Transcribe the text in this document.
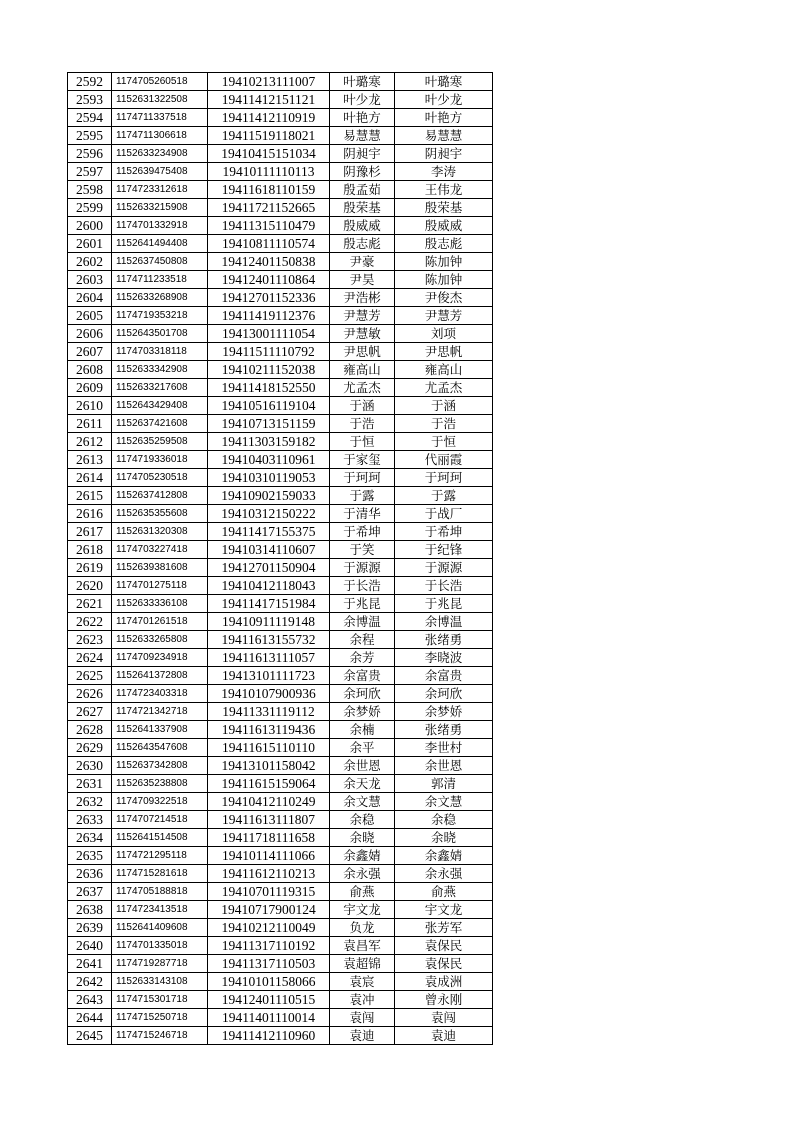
2592	1174705260518	19410213111007	叶璐寒	叶璐寒
2593	1152631322508	19411412151121	叶少龙	叶少龙
2594	1174711337518	19411412110919	叶艳方	叶艳方
2595	1174711306618	19411519118021	易慧慧	易慧慧
2596	1152633234908	19410415151034	阴昶宇	阴昶宇
2597	1152639475408	19410111110113	阴豫杉	李涛
2598	1174723312618	19411618110159	殷孟茹	王伟龙
2599	1152633215908	19411721152665	殷荣基	殷荣基
2600	1174701332918	19411315110479	殷威威	殷威威
2601	1152641494408	19410811110574	殷志彪	殷志彪
2602	1152637450808	19412401150838	尹豪	陈加钟
2603	1174711233518	19412401110864	尹昊	陈加钟
2604	1152633268908	19412701152336	尹浩彬	尹俊杰
2605	1174719353218	19411419112376	尹慧芳	尹慧芳
2606	1152643501708	19413001111054	尹慧敏	刘项
2607	1174703318118	19411511110792	尹思帆	尹思帆
2608	1152633342908	19410211152038	雍高山	雍高山
2609	1152633217608	19411418152550	尤孟杰	尤孟杰
2610	1152643429408	19410516119104	于涵	于涵
2611	1152637421608	19410713151159	于浩	于浩
2612	1152635259508	19411303159182	于恒	于恒
2613	1174719336018	19410403110961	于家玺	代丽霞
2614	1174705230518	19410310119053	于珂珂	于珂珂
2615	1152637412808	19410902159033	于露	于露
2616	1152635355608	19410312150222	于清华	于战厂
2617	1152631320308	19411417155375	于希坤	于希坤
2618	1174703227418	19410314110607	于笑	于纪锋
2619	1152639381608	19412701150904	于源源	于源源
2620	1174701275118	19410412118043	于长浩	于长浩
2621	1152633336108	19411417151984	于兆昆	于兆昆
2622	1174701261518	19410911119148	余博温	余博温
2623	1152633265808	19411613155732	余程	张绪勇
2624	1174709234918	19411613111057	余芳	李晓波
2625	1152641372808	19413101111723	余富贵	余富贵
2626	1174723403318	19410107900936	余珂欣	余珂欣
2627	1174721342718	19411331119112	余梦娇	余梦娇
2628	1152641337908	19411613119436	余楠	张绪勇
2629	1152643547608	19411615110110	余平	李世村
2630	1152637342808	19413101158042	余世恩	余世恩
2631	1152635238808	19411615159064	余天龙	郭清
2632	1174709322518	19410412110249	余文慧	余文慧
2633	1174707214518	19411613111807	余稳	余稳
2634	1152641514508	19411718111658	余晓	余晓
2635	1174721295118	19410114111066	余鑫婧	余鑫婧
2636	1174715281618	19411612110213	余永强	余永强
2637	1174705188818	19410701119315	俞燕	俞燕
2638	1174723413518	19410717900124	宇文龙	宇文龙
2639	1152641409608	19410212110049	负龙	张芳军
2640	1174701335018	19411317110192	袁昌军	袁保民
2641	1174719287718	19411317110503	袁超锦	袁保民
2642	1152633143108	19410101158066	袁宸	袁成洲
2643	1174715301718	19412401110515	袁冲	曾永刚
2644	1174715250718	19411401110014	袁闯	袁闯
2645	1174715246718	19411412110960	袁迪	袁迪
